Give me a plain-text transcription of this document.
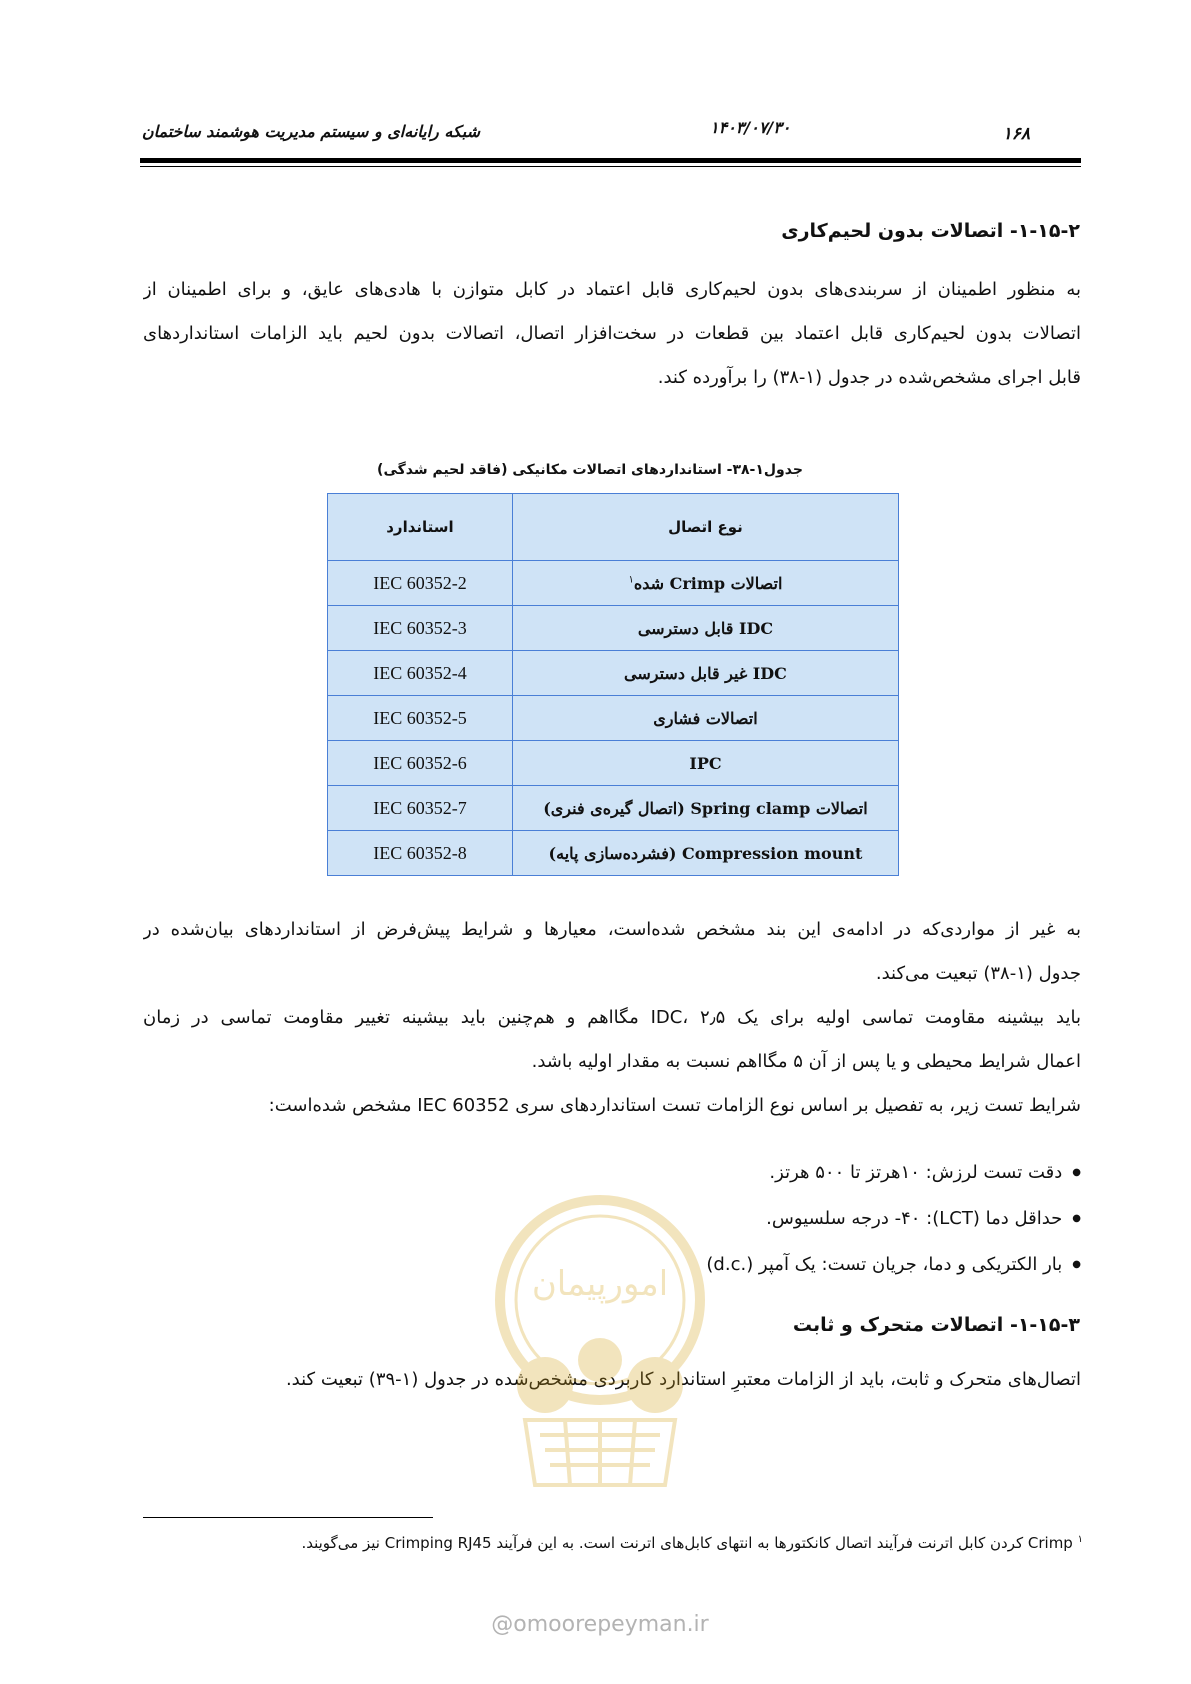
شبکه رایانه‌ای و سیستم مدیریت هوشمند ساختمان	۱۴۰۳/۰۷/۳۰	۱۶۸
۱-۱۵-۲- اتصالات بدون لحیم‌کاری
به منظور اطمینان از سربندی‌های بدون لحیم‌کاری قابل اعتماد در کابل متوازن با هادی‌های عایق، و برای اطمینان از
اتصالات بدون لحیم‌کاری قابل اعتماد بین قطعات در سخت‌افزار اتصال، اتصالات بدون لحیم باید الزامات استانداردهای
قابل اجرای مشخص‌شده در جدول (۱-۳۸) را برآورده کند.
جدول۱-۳۸- استانداردهای اتصالات مکانیکی (فاقد لحیم شدگی)
نوع اتصال	استاندارد
اتصالات Crimp شده$^۱$	IEC 60352-2
IDC قابل دسترسی	IEC 60352-3
IDC غیر قابل دسترسی	IEC 60352-4
اتصالات فشاری	IEC 60352-5
IPC	IEC 60352-6
اتصالات Spring clamp (اتصال گیره‌ی فنری)	IEC 60352-7
Compression mount (فشرده‌سازی پایه)	IEC 60352-8
به غیر از مواردی‌که در ادامه‌ی این بند مشخص شده‌است، معیارها و شرایط پیش‌فرض از استانداردهای بیان‌شده در
جدول (۱-۳۸) تبعیت می‌کند.
باید بیشینه مقاومت تماسی اولیه برای یک IDC، ۲٫۵ مگااهم و هم‌چنین باید بیشینه تغییر مقاومت تماسی در زمان
اعمال شرایط محیطی و یا پس از آن ۵ مگااهم نسبت به مقدار اولیه باشد.
شرایط تست زیر، به تفصیل بر اساس نوع الزامات تست استانداردهای سری IEC 60352 مشخص شده‌است:
● دقت تست لرزش: ۱۰هرتز تا ۵۰۰ هرتز.
● حداقل دما (LCT): ۴۰- درجه سلسیوس.
● بار الکتریکی و دما، جریان تست: یک آمپر (.d.c)
۱-۱۵-۳- اتصالات متحرک و ثابت
اتصال‌های متحرک و ثابت، باید از الزامات معتبرِ استاندارد کاربردی مشخص‌شده در جدول (۱-۳۹) تبعیت کند.
امورپیمان
$^۱$ Crimp کردن کابل اترنت فرآیند اتصال کانکتورها به انتهای کابل‌های اترنت است. به این فرآیند Crimping RJ45 نیز می‌گویند.
@omoorepeyman.ir
